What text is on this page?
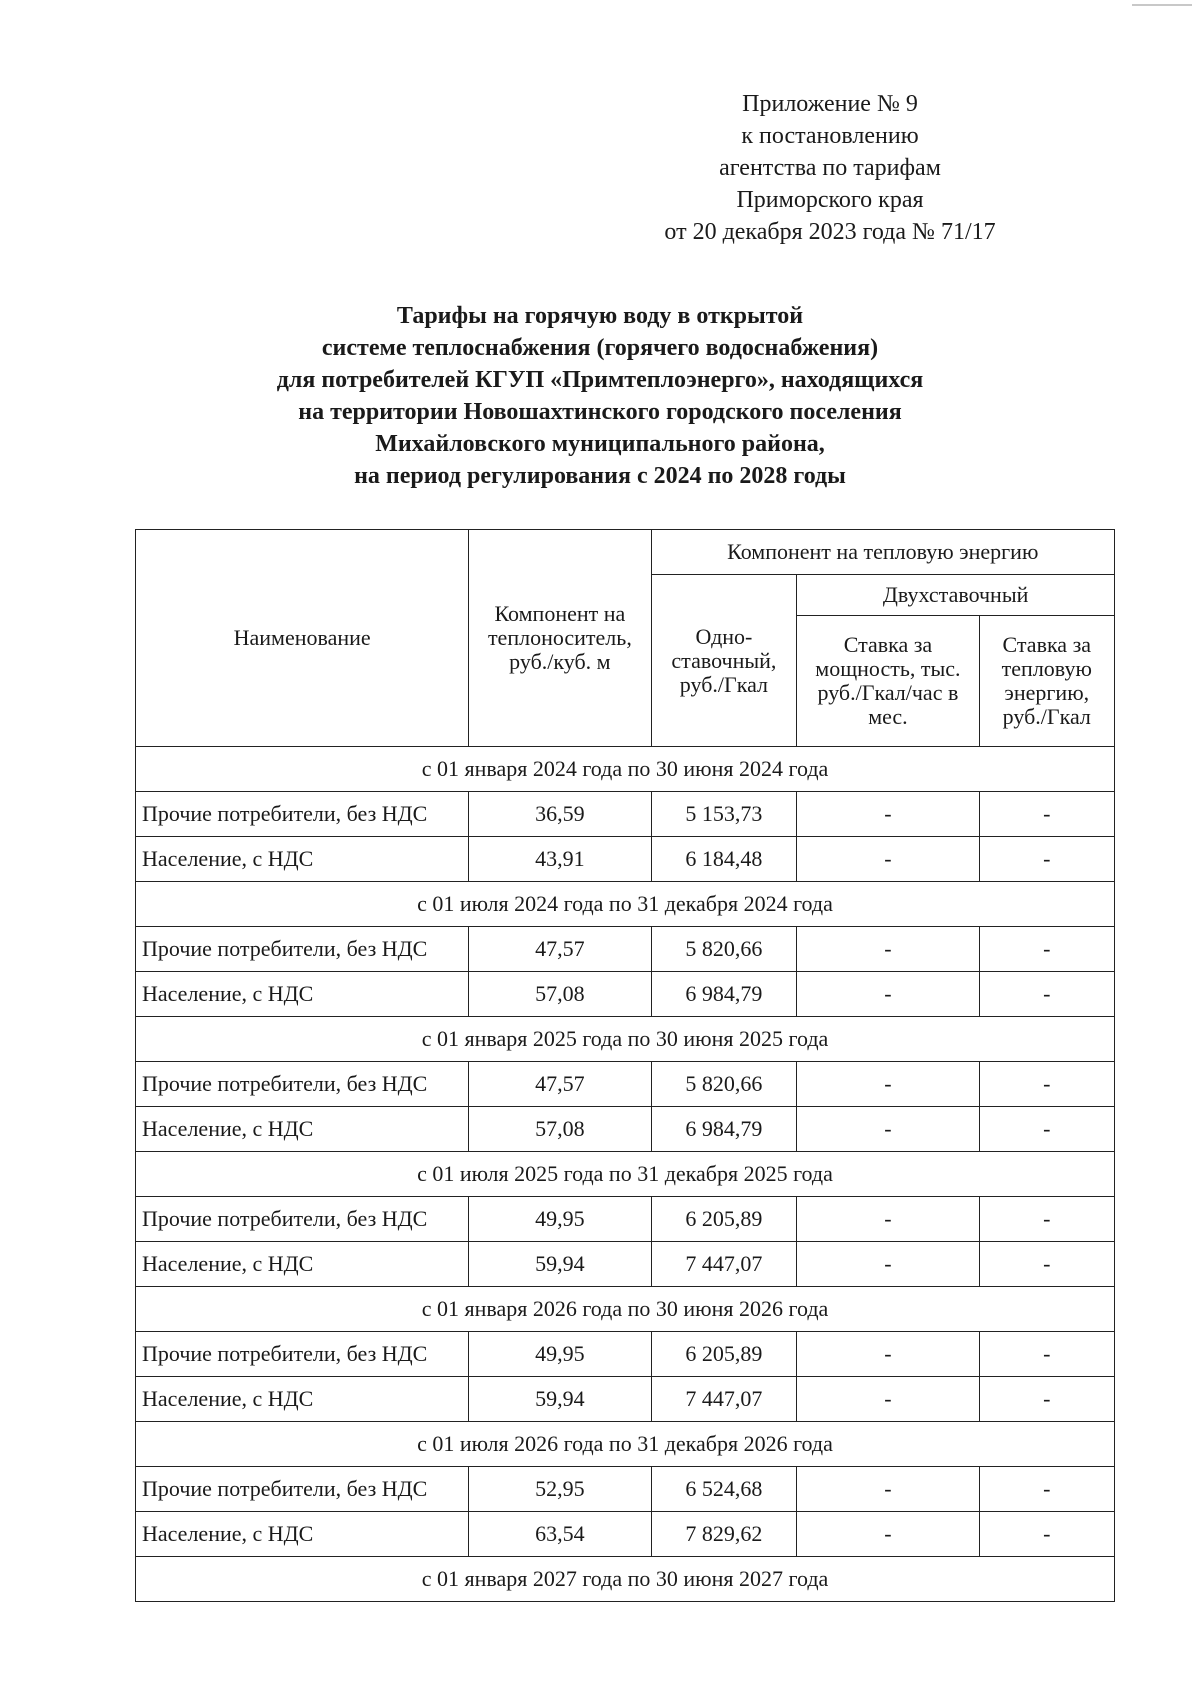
Приложение № 9
к постановлению
агентства по тарифам
Приморского края
от 20 декабря 2023 года № 71/17
Тарифы на горячую воду в открытой
системе теплоснабжения (горячего водоснабжения)
для потребителей КГУП «Примтеплоэнерго», находящихся
на территории Новошахтинского городского поселения
Михайловского муниципального района,
на период регулирования с 2024 по 2028 годы
Наименование	Компонент на теплоноситель, руб./куб. м	Компонент на тепловую энергию		
		Одно-ставочный, руб./Гкал	Двухставочный	
			Ставка за мощность, тыс. руб./Гкал/час в мес.	Ставка за тепловую энергию, руб./Гкал
с 01 января 2024 года по 30 июня 2024 года				
Прочие потребители, без НДС	36,59	5 153,73	-	-
Население, с НДС	43,91	6 184,48	-	-
с 01 июля 2024 года по 31 декабря 2024 года				
Прочие потребители, без НДС	47,57	5 820,66	-	-
Население, с НДС	57,08	6 984,79	-	-
с 01 января 2025 года по 30 июня 2025 года				
Прочие потребители, без НДС	47,57	5 820,66	-	-
Население, с НДС	57,08	6 984,79	-	-
с 01 июля 2025 года по 31 декабря 2025 года				
Прочие потребители, без НДС	49,95	6 205,89	-	-
Население, с НДС	59,94	7 447,07	-	-
с 01 января 2026 года по 30 июня 2026 года				
Прочие потребители, без НДС	49,95	6 205,89	-	-
Население, с НДС	59,94	7 447,07	-	-
с 01 июля 2026 года по 31 декабря 2026 года				
Прочие потребители, без НДС	52,95	6 524,68	-	-
Население, с НДС	63,54	7 829,62	-	-
с 01 января 2027 года по 30 июня 2027 года				
